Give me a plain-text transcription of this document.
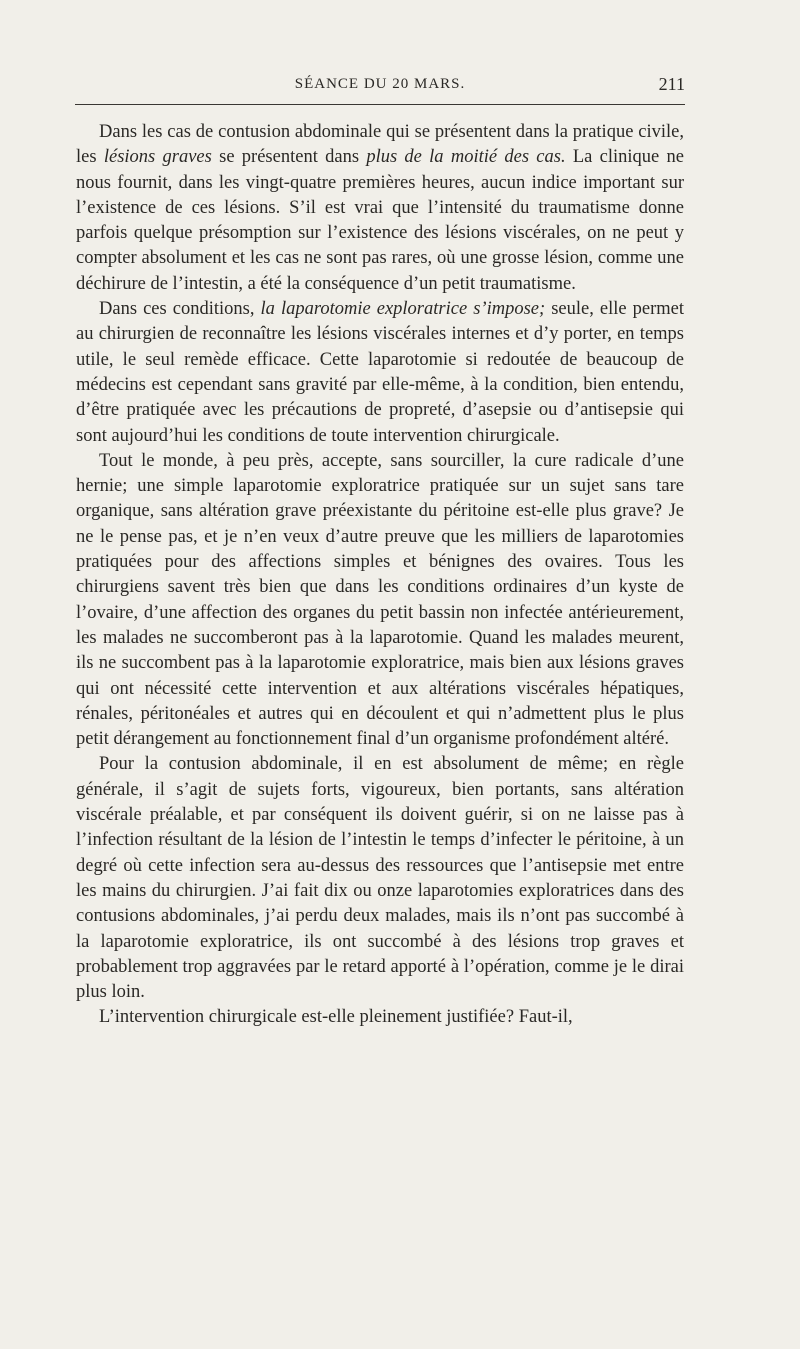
SÉANCE DU 20 MARS.	211

Dans les cas de contusion abdominale qui se présentent dans la pratique civile, les lésions graves se présentent dans plus de la moitié des cas. La clinique ne nous fournit, dans les vingt-quatre premières heures, aucun indice important sur l’existence de ces lésions. S’il est vrai que l’intensité du traumatisme donne parfois quelque présomption sur l’existence des lésions viscérales, on ne peut y compter absolument et les cas ne sont pas rares, où une grosse lésion, comme une déchirure de l’intestin, a été la conséquence d’un petit traumatisme.

Dans ces conditions, la laparotomie exploratrice s’impose; seule, elle permet au chirurgien de reconnaître les lésions viscérales internes et d’y porter, en temps utile, le seul remède efficace. Cette laparotomie si redoutée de beaucoup de médecins est cependant sans gravité par elle-même, à la condition, bien entendu, d’être pratiquée avec les précautions de propreté, d’asepsie ou d’antisepsie qui sont aujourd’hui les conditions de toute intervention chirurgicale.

Tout le monde, à peu près, accepte, sans sourciller, la cure radicale d’une hernie; une simple laparotomie exploratrice pratiquée sur un sujet sans tare organique, sans altération grave préexistante du péritoine est-elle plus grave? Je ne le pense pas, et je n’en veux d’autre preuve que les milliers de laparotomies pratiquées pour des affections simples et bénignes des ovaires. Tous les chirurgiens savent très bien que dans les conditions ordinaires d’un kyste de l’ovaire, d’une affection des organes du petit bassin non infectée antérieurement, les malades ne succomberont pas à la laparotomie. Quand les malades meurent, ils ne succombent pas à la laparotomie exploratrice, mais bien aux lésions graves qui ont nécessité cette intervention et aux altérations viscérales hépatiques, rénales, péritonéales et autres qui en découlent et qui n’admettent plus le plus petit dérangement au fonctionnement final d’un organisme profondément altéré.

Pour la contusion abdominale, il en est absolument de même; en règle générale, il s’agit de sujets forts, vigoureux, bien portants, sans altération viscérale préalable, et par conséquent ils doivent guérir, si on ne laisse pas à l’infection résultant de la lésion de l’intestin le temps d’infecter le péritoine, à un degré où cette infection sera au-dessus des ressources que l’antisepsie met entre les mains du chirurgien. J’ai fait dix ou onze laparotomies exploratrices dans des contusions abdominales, j’ai perdu deux malades, mais ils n’ont pas succombé à la laparotomie exploratrice, ils ont succombé à des lésions trop graves et probablement trop aggravées par le retard apporté à l’opération, comme je le dirai plus loin.

L’intervention chirurgicale est-elle pleinement justifiée? Faut-il,
